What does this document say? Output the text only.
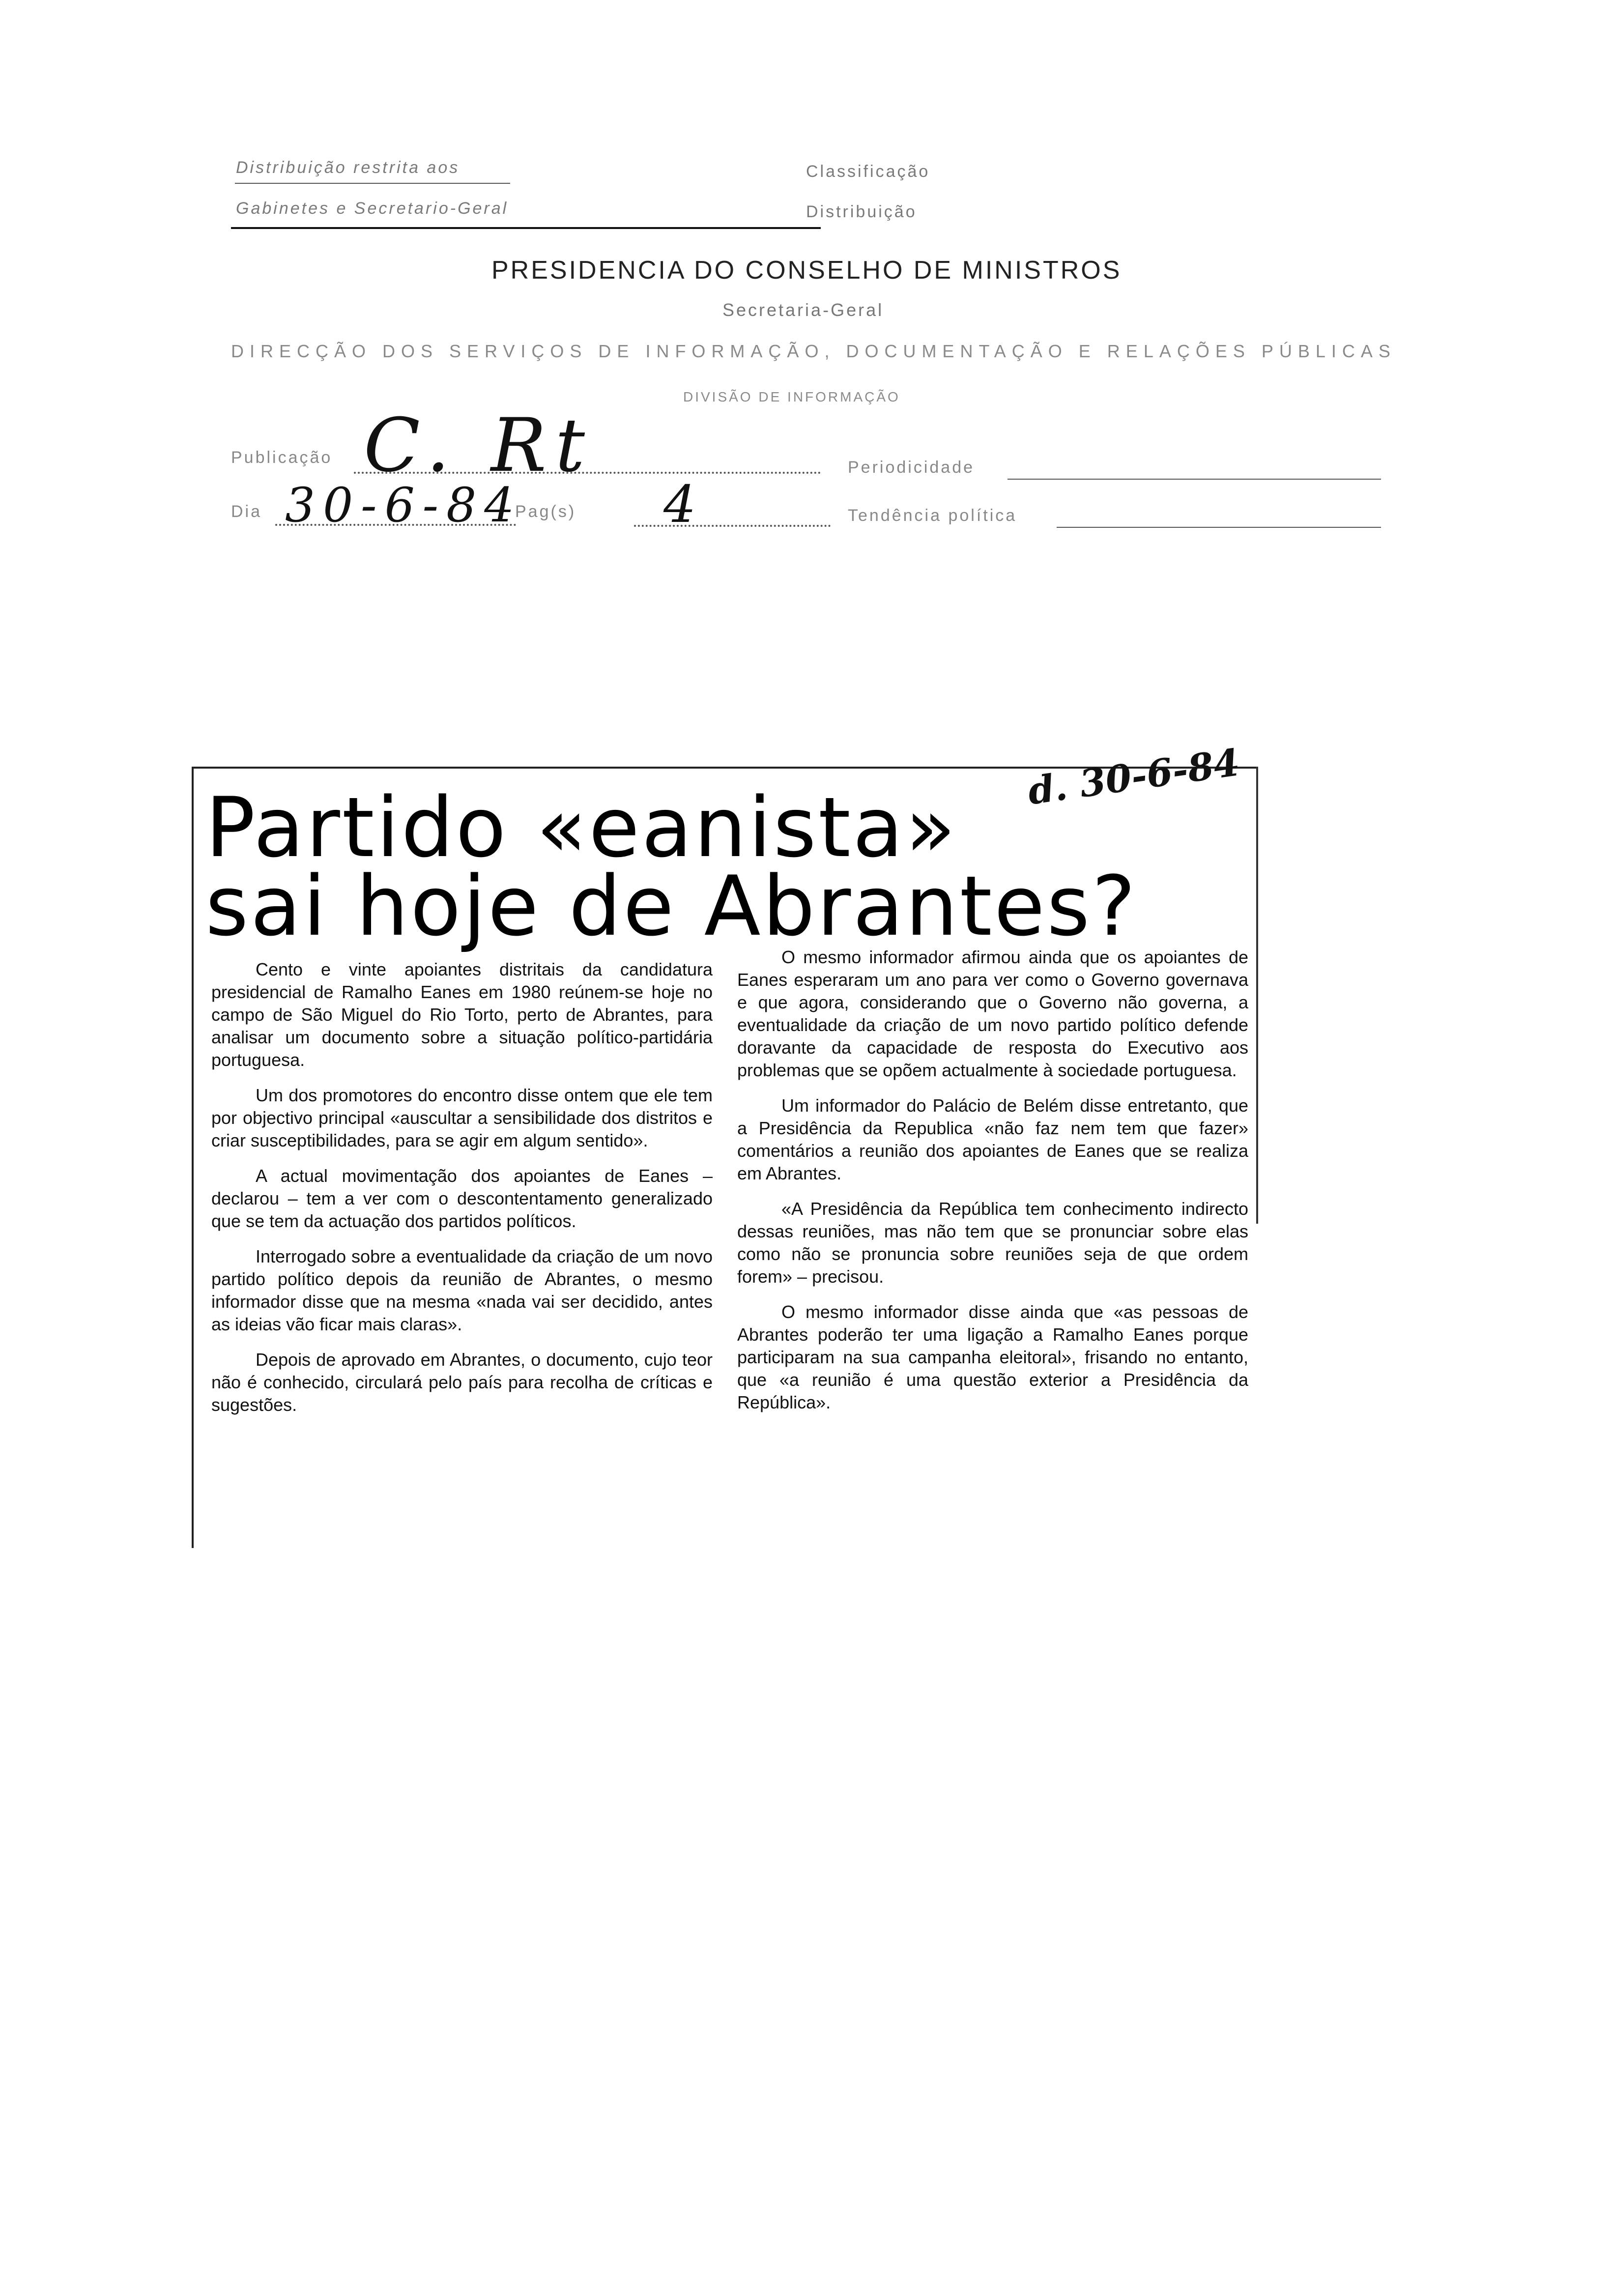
Distribuição restrita aos
Gabinetes e Secretario-Geral
Classificação
Distribuição
PRESIDENCIA DO CONSELHO DE MINISTROS
Secretaria-Geral
DIRECÇÃO DOS SERVIÇOS DE INFORMAÇÃO, DOCUMENTAÇÃO E RELAÇÕES PÚBLICAS
DIVISÃO DE INFORMAÇÃO
Publicação C. Rt	Periodicidade
Dia 30-6-84
Pag(s) 4	Tendência política
Partido «eanista»
sai hoje de Abrantes?
d. 30-6-84

Cento e vinte apoiantes distritais da candidatura presidencial de Ramalho Eanes em 1980 reúnem-se hoje no campo de São Miguel do Rio Torto, perto de Abrantes, para analisar um documento sobre a situação político-partidária portuguesa.

Um dos promotores do encontro disse ontem que ele tem por objectivo principal «auscultar a sensibilidade dos distritos e criar susceptibilidades, para se agir em algum sentido».

A actual movimentação dos apoiantes de Eanes – declarou – tem a ver com o descontentamento generalizado que se tem da actuação dos partidos políticos.

Interrogado sobre a eventualidade da criação de um novo partido político depois da reunião de Abrantes, o mesmo informador disse que na mesma «nada vai ser decidido, antes as ideias vão ficar mais claras».

Depois de aprovado em Abrantes, o documento, cujo teor não é conhecido, circulará pelo país para recolha de críticas e sugestões.

O mesmo informador afirmou ainda que os apoiantes de Eanes esperaram um ano para ver como o Governo governava e que agora, considerando que o Governo não governa, a eventualidade da criação de um novo partido político defende doravante da capacidade de resposta do Executivo aos problemas que se opõem actualmente à sociedade portuguesa.

Um informador do Palácio de Belém disse entretanto, que a Presidência da Republica «não faz nem tem que fazer» comentários a reunião dos apoiantes de Eanes que se realiza em Abrantes.

«A Presidência da República tem conhecimento indirecto dessas reuniões, mas não tem que se pronunciar sobre elas como não se pronuncia sobre reuniões seja de que ordem forem» – precisou.

O mesmo informador disse ainda que «as pessoas de Abrantes poderão ter uma ligação a Ramalho Eanes porque participaram na sua campanha eleitoral», frisando no entanto, que «a reunião é uma questão exterior a Presidência da República».
